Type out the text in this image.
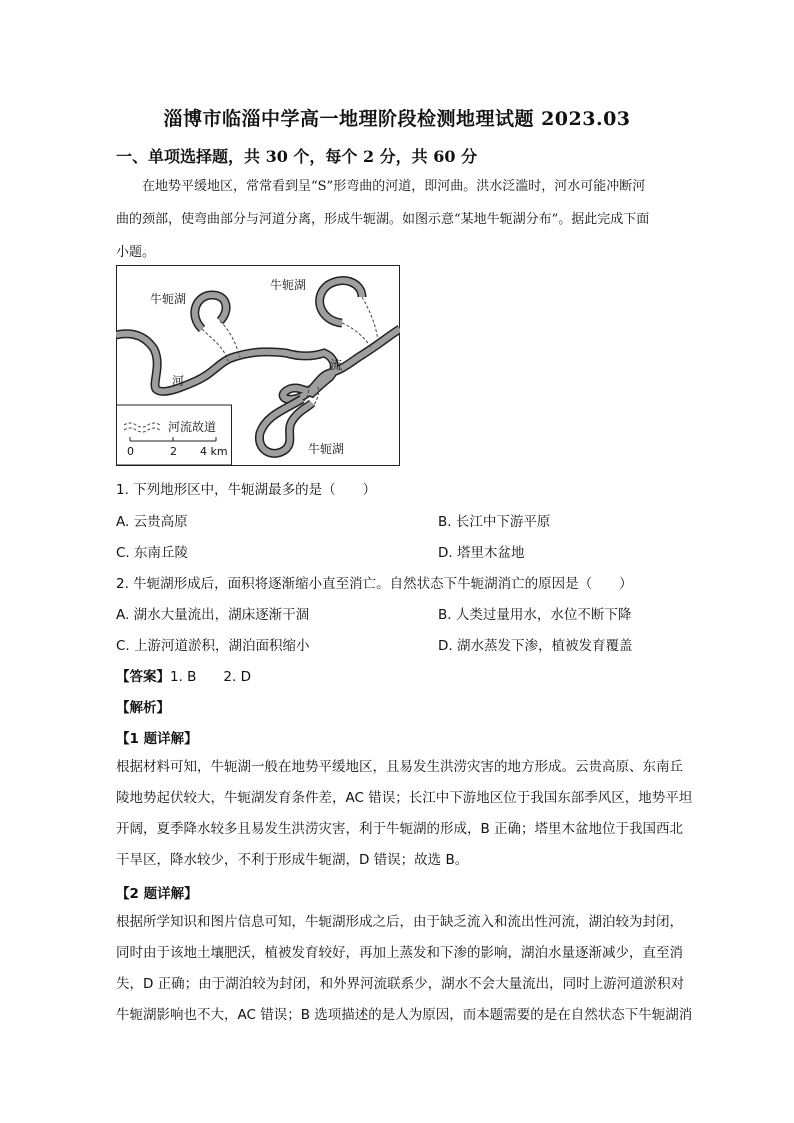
淄博市临淄中学高一地理阶段检测地理试题 2023.03
一、单项选择题，共 30 个，每个 2 分，共 60 分
在地势平缓地区，常常看到呈“S”形弯曲的河道，即河曲。洪水泛滥时，河水可能冲断河
曲的颈部，使弯曲部分与河道分离，形成牛轭湖。如图示意“某地牛轭湖分布”。据此完成下面
小题。
牛轭湖
牛轭湖
牛轭湖
河
流
河流故道
0	2 4 km
1. 下列地形区中，牛轭湖最多的是（　　）
A. 云贵高原	B. 长江中下游平原
C. 东南丘陵	D. 塔里木盆地
2. 牛轭湖形成后，面积将逐渐缩小直至消亡。自然状态下牛轭湖消亡的原因是（　　）
A. 湖水大量流出，湖床逐渐干涸	B. 人类过量用水，水位不断下降
C. 上游河道淤积，湖泊面积缩小	D. 湖水蒸发下渗，植被发育覆盖
【答案】1. B　　2. D
【解析】
【1 题详解】
根据材料可知，牛轭湖一般在地势平缓地区，且易发生洪涝灾害的地方形成。云贵高原、东南丘
陵地势起伏较大，牛轭湖发育条件差，AC 错误；长江中下游地区位于我国东部季风区，地势平坦
开阔，夏季降水较多且易发生洪涝灾害，利于牛轭湖的形成，B 正确；塔里木盆地位于我国西北
干旱区，降水较少，不利于形成牛轭湖，D 错误；故选 B。
【2 题详解】
根据所学知识和图片信息可知，牛轭湖形成之后，由于缺乏流入和流出性河流，湖泊较为封闭，
同时由于该地土壤肥沃，植被发育较好，再加上蒸发和下渗的影响，湖泊水量逐渐减少，直至消
失，D 正确；由于湖泊较为封闭，和外界河流联系少，湖水不会大量流出，同时上游河道淤积对
牛轭湖影响也不大，AC 错误；B 选项描述的是人为原因，而本题需要的是在自然状态下牛轭湖消
